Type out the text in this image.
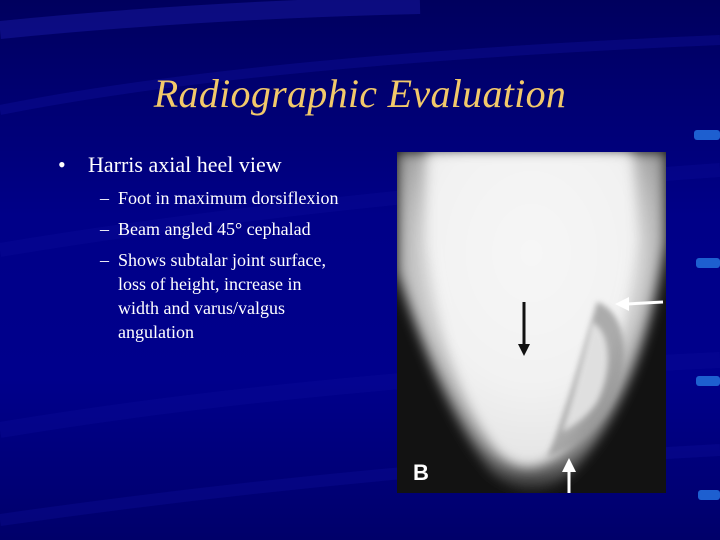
Radiographic Evaluation
•	Harris axial heel view
– Foot in maximum dorsiflexion
– Beam angled 45° cephalad
– Shows subtalar joint surface, loss of height, increase in width and varus/valgus angulation
B
